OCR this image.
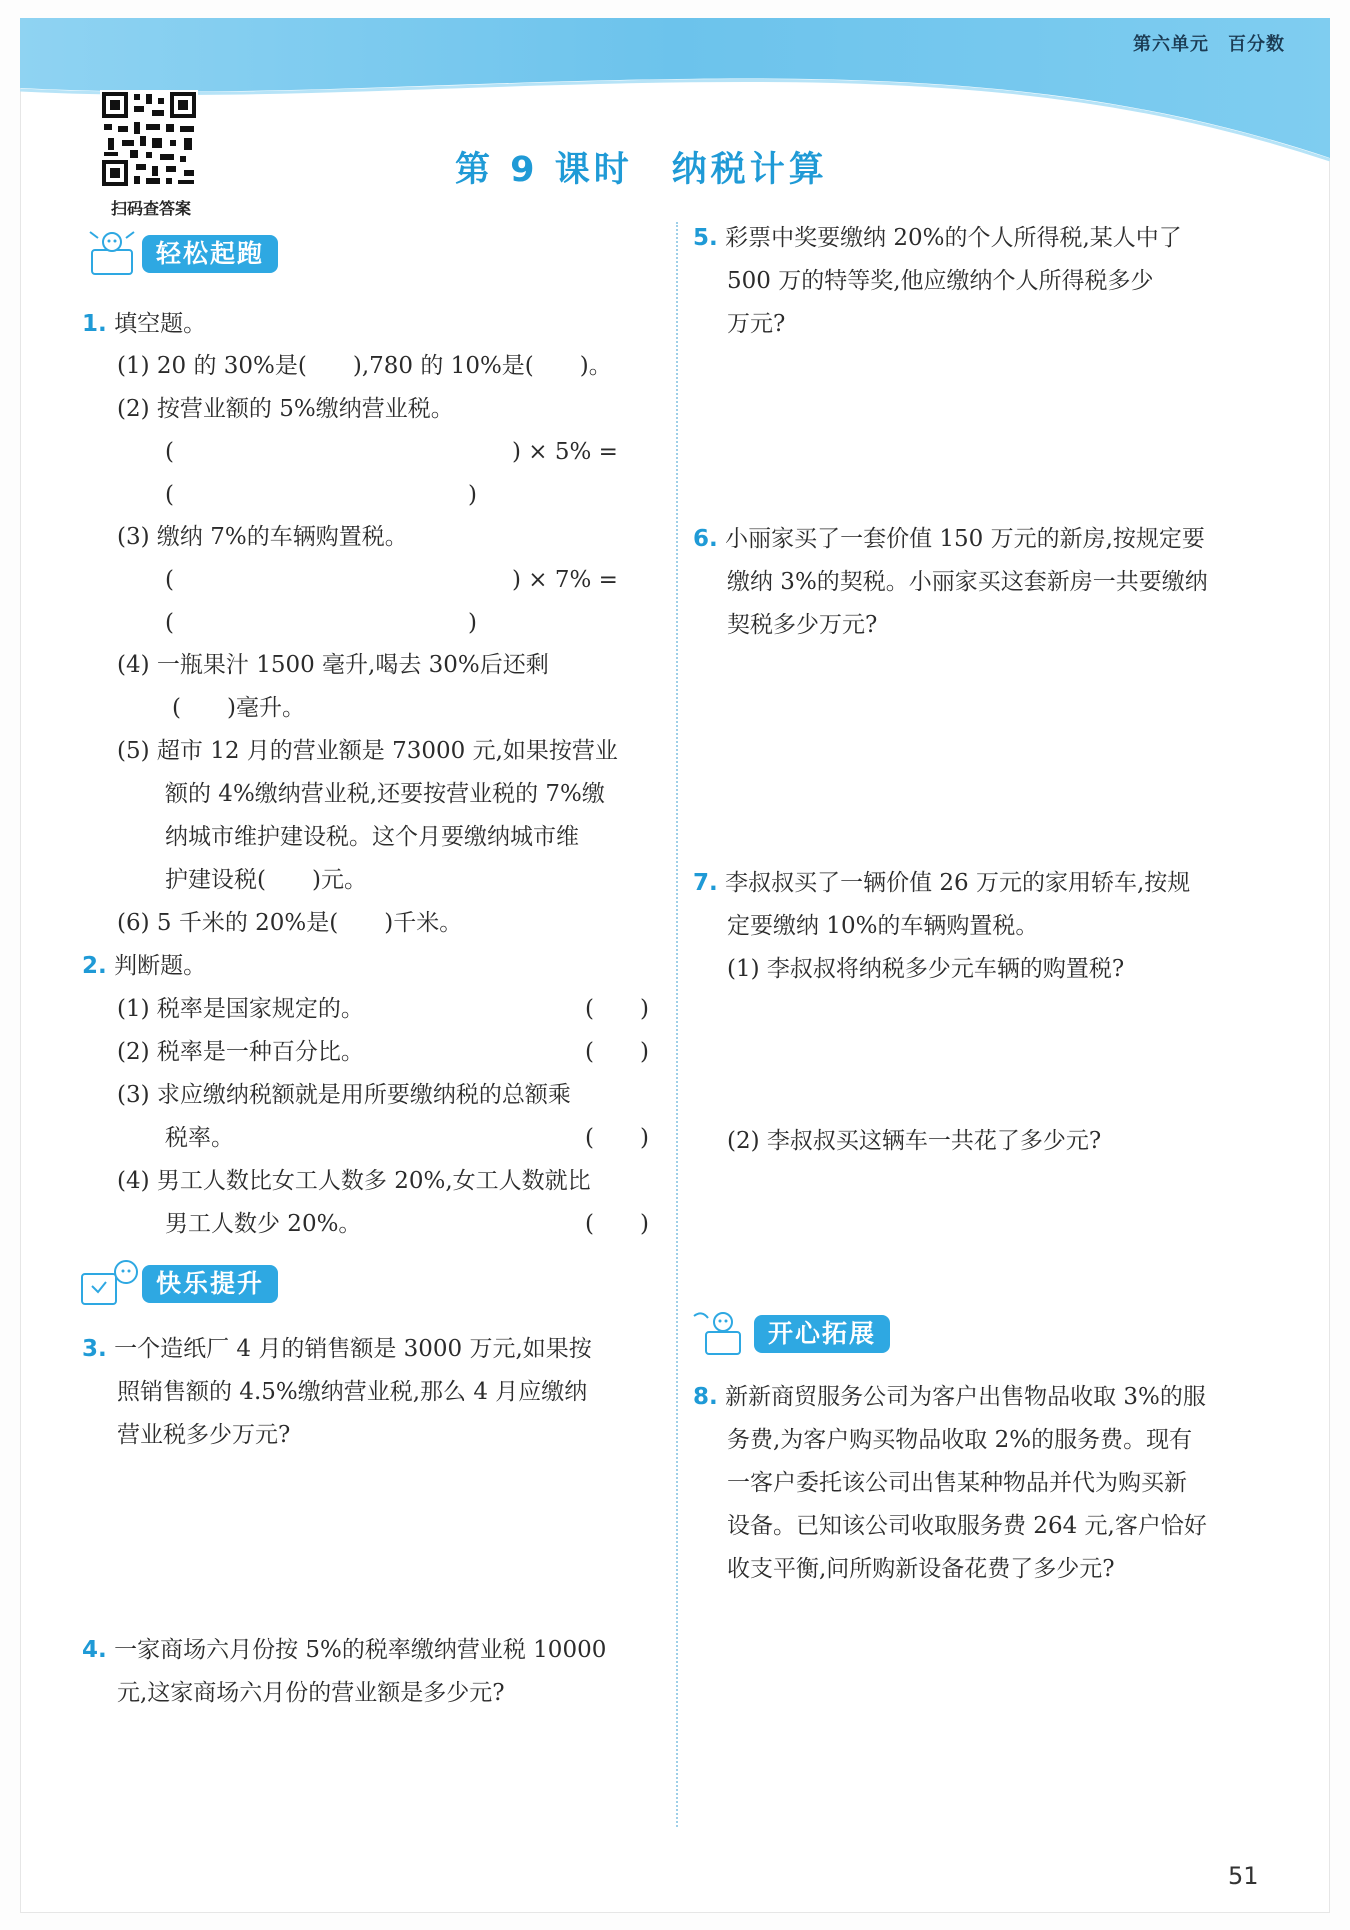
第六单元　百分数
扫码查答案
第 9 课时　纳税计算
轻松起跑
1. 填空题。
(1) 20 的 30%是(　　),780 的 10%是(　　)。
(2) 按营业额的 5%缴纳营业税。
(	) × 5% =
(	)
(3) 缴纳 7%的车辆购置税。
(	) × 7% =
(	)
(4) 一瓶果汁 1500 毫升,喝去 30%后还剩
(　　)毫升。
(5) 超市 12 月的营业额是 73000 元,如果按营业
额的 4%缴纳营业税,还要按营业税的 7%缴
纳城市维护建设税。这个月要缴纳城市维
护建设税(　　)元。
(6) 5 千米的 20%是(　　)千米。
2. 判断题。
(1) 税率是国家规定的。	(　　)
(2) 税率是一种百分比。	(　　)
(3) 求应缴纳税额就是用所要缴纳税的总额乘
税率。	(　　)
(4) 男工人数比女工人数多 20%,女工人数就比
男工人数少 20%。	(　　)
快乐提升
3. 一个造纸厂 4 月的销售额是 3000 万元,如果按
照销售额的 4.5%缴纳营业税,那么 4 月应缴纳
营业税多少万元?
4. 一家商场六月份按 5%的税率缴纳营业税 10000
元,这家商场六月份的营业额是多少元?
5. 彩票中奖要缴纳 20%的个人所得税,某人中了
500 万的特等奖,他应缴纳个人所得税多少
万元?
6. 小丽家买了一套价值 150 万元的新房,按规定要
缴纳 3%的契税。小丽家买这套新房一共要缴纳
契税多少万元?
7. 李叔叔买了一辆价值 26 万元的家用轿车,按规
定要缴纳 10%的车辆购置税。
(1) 李叔叔将纳税多少元车辆的购置税?
(2) 李叔叔买这辆车一共花了多少元?
开心拓展
8. 新新商贸服务公司为客户出售物品收取 3%的服
务费,为客户购买物品收取 2%的服务费。现有
一客户委托该公司出售某种物品并代为购买新
设备。已知该公司收取服务费 264 元,客户恰好
收支平衡,问所购新设备花费了多少元?
51
